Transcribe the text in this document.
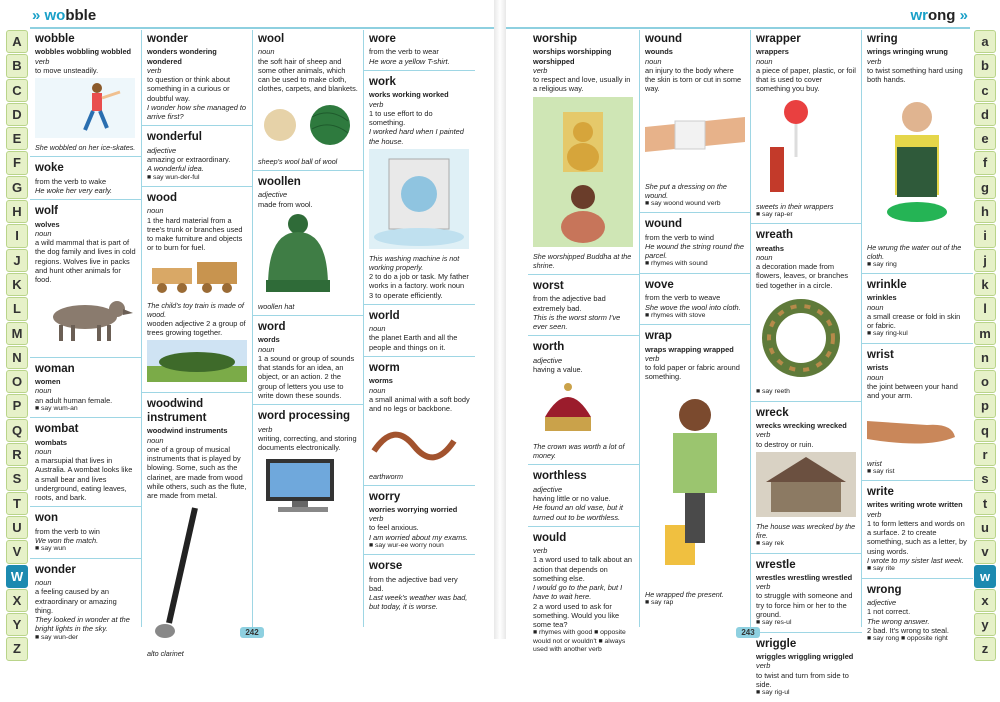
» wobble
A
B
C
D
E
F
G
H
I
J
K
L
M
N
O
P
Q
R
S
T
U
V
W
X
Y
Z
wobble
wobbles wobbling wobbled
verb
to move unsteadily.
She wobbled on her ice-skates.
woke
from the verb to wake
He woke her very early.
wolf
wolves
noun
a wild mammal that is part of the dog family and lives in cold regions. Wolves live in packs and hunt other animals for food.
woman
women
noun
an adult human female.
■ say wum-an
wombat
wombats
noun
a marsupial that lives in Australia. A wombat looks like a small bear and lives underground, eating leaves, roots, and bark.
won
from the verb to win
We won the match.
■ say wun
wonder
noun
a feeling caused by an extraordinary or amazing thing.
They looked in wonder at the bright lights in the sky.
■ say wun-der
wonder
wonders wondering wondered
verb
to question or think about something in a curious or doubtful way.
I wonder how she managed to arrive first?
wonderful
adjective
amazing or extraordinary.
A wonderful idea.
■ say wun-der-ful
wood
noun
1 the hard material from a tree's trunk or branches used to make furniture and objects or to burn for fuel.
The child's toy train is made of wood.
wooden adjective 2 a group of trees growing together.
woodwind instrument
woodwind instruments
noun
one of a group of musical instruments that is played by blowing. Some, such as the clarinet, are made from wood while others, such as the flute, are made from metal.
alto clarinet
wool
noun
the soft hair of sheep and some other animals, which can be used to make cloth, clothes, carpets, and blankets.
sheep's wool ball of wool
woollen
adjective
made from wool.
woollen hat
word
words
noun
1 a sound or group of sounds that stands for an idea, an object, or an action. 2 the group of letters you use to write down these sounds.
word processing
verb
writing, correcting, and storing documents electronically.
wore
from the verb to wear
He wore a yellow T-shirt.
work
works working worked
verb
1 to use effort to do something.
I worked hard when I painted the house.
This washing machine is not working properly.
2 to do a job or task. My father works in a factory. work noun 3 to operate efficiently.
world
noun
the planet Earth and all the people and things on it.
worm
worms
noun
a small animal with a soft body and no legs or backbone.
earthworm
worry
worries worrying worried
verb
to feel anxious.
I am worried about my exams.
■ say wur-ee worry noun
worse
from the adjective bad very bad.
Last week's weather was bad, but today, it is worse.
242
wrong »
a
b
c
d
e
f
g
h
i
j
k
l
m
n
o
p
q
r
s
t
u
v
w
x
y
z
worship
worships worshipping worshipped
verb
to respect and love, usually in a religious way.
She worshipped Buddha at the shrine.
worst
from the adjective bad extremely bad.
This is the worst storm I've ever seen.
worth
adjective
having a value.
The crown was worth a lot of money.
worthless
adjective
having little or no value.
He found an old vase, but it turned out to be worthless.
would
verb
1 a word used to talk about an action that depends on something else.
I would go to the park, but I have to wait here.
2 a word used to ask for something. Would you like some tea?
■ rhymes with good ■ opposite would not or wouldn't ■ always used with another verb
wound
wounds
noun
an injury to the body where the skin is torn or cut in some way.
She put a dressing on the wound.
■ say woond wound verb
wound
from the verb to wind
He wound the string round the parcel.
■ rhymes with sound
wove
from the verb to weave
She wove the wool into cloth.
■ rhymes with stove
wrap
wraps wrapping wrapped
verb
to fold paper or fabric around something.
He wrapped the present.
■ say rap
wrapper
wrappers
noun
a piece of paper, plastic, or foil that is used to cover something you buy.
sweets in their wrappers
■ say rap-er
wreath
wreaths
noun
a decoration made from flowers, leaves, or branches tied together in a circle.
■ say reeth
wreck
wrecks wrecking wrecked
verb
to destroy or ruin.
The house was wrecked by the fire.
■ say rek
wrestle
wrestles wrestling wrestled
verb
to struggle with someone and try to force him or her to the ground.
■ say res-ul
wriggle
wriggles wriggling wriggled
verb
to twist and turn from side to side.
■ say rig-ul
wring
wrings wringing wrung
verb
to twist something hard using both hands.
He wrung the water out of the cloth.
■ say ring
wrinkle
wrinkles
noun
a small crease or fold in skin or fabric.
■ say ring-kul
wrist
wrists
noun
the joint between your hand and your arm.
wrist
■ say rist
write
writes writing wrote written
verb
1 to form letters and words on a surface. 2 to create something, such as a letter, by using words.
I wrote to my sister last week.
■ say rite
wrong
adjective
1 not correct.
The wrong answer.
2 bad. It's wrong to steal.
■ say rong ■ opposite right
243
